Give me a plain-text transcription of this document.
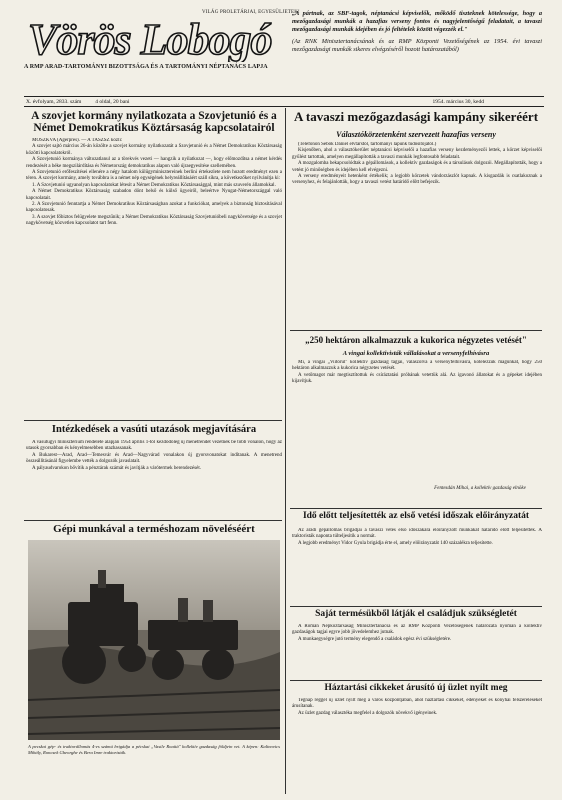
VILÁG PROLETÁRJAI, EGYESÜLJETEK!
Vörös Lobogó
A RMP ARAD-TARTOMÁNYI BIZOTTSÁGA ÉS A TARTOMÁNYI NÉPTANÁCS LAPJA
„A pártnak, az SBF-tagok, néptanácsi képviselők, mőködő tiszteknek kötelessége, hogy a mezőgazdasági munkák a hazafias verseny fontos és nagyjelentőségű feladatait, a tavaszi mezőgazdasági munkák idejében és jó feltételek között végezzék el."
(Az RNK Minisztertanácsának és az RMP Központi Vezetőségének az 1954. évi tavaszi mezőgazdasági munkák sikeres elvégzéséről hozott határozatából)
X. évfolyam, 2833. szám	4 oldal, 20 bani	1954. március 30, kedd
A szovjet kormány nyilatkozata a Szovjetunió és a Német Demokratikus Köztársaság kapcsolatairól

MOSZKVA (Agerpres). — A TASZSZ közli:

A szovjet sajtó március 26-án közölte a szovjet kormány nyilatkozatát a Szovjetunió és a Német Demokratikus Köztársaság közötti kapcsolatokról.

A Szovjetunió kormánya változatlanul az a törekvés vezeti — hangzik a nyilatkozat —, hogy előmozdítsa a német kérdés rendezését a béke megszilárdítása és Németország demokratikus alapon való újraegyesítése szellemében.

A Szovjetunió erőfeszítései ellenére a négy hatalom külügyminisztereinek berlini értekezlete nem hozott eredményt ezen a téren. A szovjet kormány, amely továbbra is a német nép egységének helyreállításáért száll síkra, a következőket nyilvánítja ki:

1. A Szovjetunió ugyanolyan kapcsolatokat létesít a Német Demokratikus Köztársasággal, mint más szuverén államokkal.

A Német Demokratikus Köztársaság szabadon dönt belső és külső ügyeiről, beleértve Nyugat-Németországgal való kapcsolatait.

2. A Szovjetunió fenntartja a Német Demokratikus Köztársaságban azokat a funkciókat, amelyek a biztonság biztosításával kapcsolatosak.

3. A szovjet főbiztos felügyelete megszűnik; a Német Demokratikus Köztársaság Szovjetunióbeli nagykövetsége és a szovjet nagykövetség közvetlen kapcsolatot tart fenn.

Intézkedések a vasúti utazások megjavítására

A vasutügyi minisztérium rendelete alapján 1954 április 1-től kezdődőleg új menetrendet vezetnek be több vonalon, hogy az utasok gyorsabban és kényelmesebben utazhassanak.

A Bukarest—Arad, Arad—Temesvár és Arad—Nagyvárad vonalakon új gyorsvonatokat indítanak. A menetrend összeállításánál figyelembe vették a dolgozók javaslatait.

A pályaudvarokon bővítik a pénztárak számát és javítják a várótermek berendezését.

Gépi munkával a terméshozam növeléséért
A pecskai gép- és traktorállomás 4-es számú brigádja a pécskai „Vasile Roaită" kollektív gazdaság földjein vet. A képen: Kalinovics Mihály, Roncsek Gheorghe és Bera Imre traktoristák.
A tavaszi mezőgazdasági kampány sikeréért
Választókörzetenként szervezett hazafias verseny

(Telefonon Sebők Dániel elvtárstól, tartományi lapunk tudósítójától.)

Kisjenőben, ahol a választókerület néptanácsi képviselői a hazafias verseny kezdeményezői lettek, a körzet képviselői gyűlést tartottak, amelyen megállapították a tavaszi munkák legfontosabb feladatait.

A mozgalomba bekapcsolódtak a gépállomások, a kollektív gazdaságok és a társulások dolgozói. Megállapították, hogy a vetést jó minőségben és idejében kell elvégezni.

A verseny eredményeit hetenként értékelik; a legjobb körzetek vándorzászlót kapnak. A kisgazdák is csatlakoznak a versenyhez, és felajánlották, hogy a tavaszi vetést határidő előtt befejezik.

„250 hektáron alkalmazzuk a kukorica négyzetes vetését"
A vingai kollektivisták vállalásokat a versenyfelhívásra

Mi, a vingai „Viitorul" kollektív gazdaság tagjai, válaszolva a versenyfelhívásra, kötelezzük magunkat, hogy 250 hektáron alkalmazzuk a kukorica négyzetes vetését.

A vetőmagot már megtisztítottuk és csíráztatási próbának vetettük alá. Az igavonó állatokat és a gépeket idejében kijavítjuk.

Fentesdán Mihai, a kollektív gazdaság elnöke
Idő előtt teljesítették az első vetési időszak előirányzatát

Az aradi gépállomás brigádjai a tavaszi vetés első időszakára előirányzott munkákat határidő előtt teljesítették. A traktoristák naponta túlteljesítik a normát.

A legjobb eredményt Vidor Gyula brigádja érte el, amely előirányzatát 140 százalékra teljesítette.

Saját termésükből látják el családjuk szükségletét

A Román Népköztársaság Minisztertanácsa és az RMP Központi Vezetőségének határozata nyomán a kollektív gazdaságok tagjai egyre jobb jövedelemhez jutnak.

A munkaegységre jutó termény elegendő a családok egész évi szükségletére.

Háztartási cikkeket árusító új üzlet nyílt meg

Tegnap reggel új üzlet nyílt meg a város központjában, ahol háztartási cikkeket, edényeket és konyhai felszereléseket árusítanak.

Az üzlet gazdag választéka megfelel a dolgozók növekvő igényeinek.
